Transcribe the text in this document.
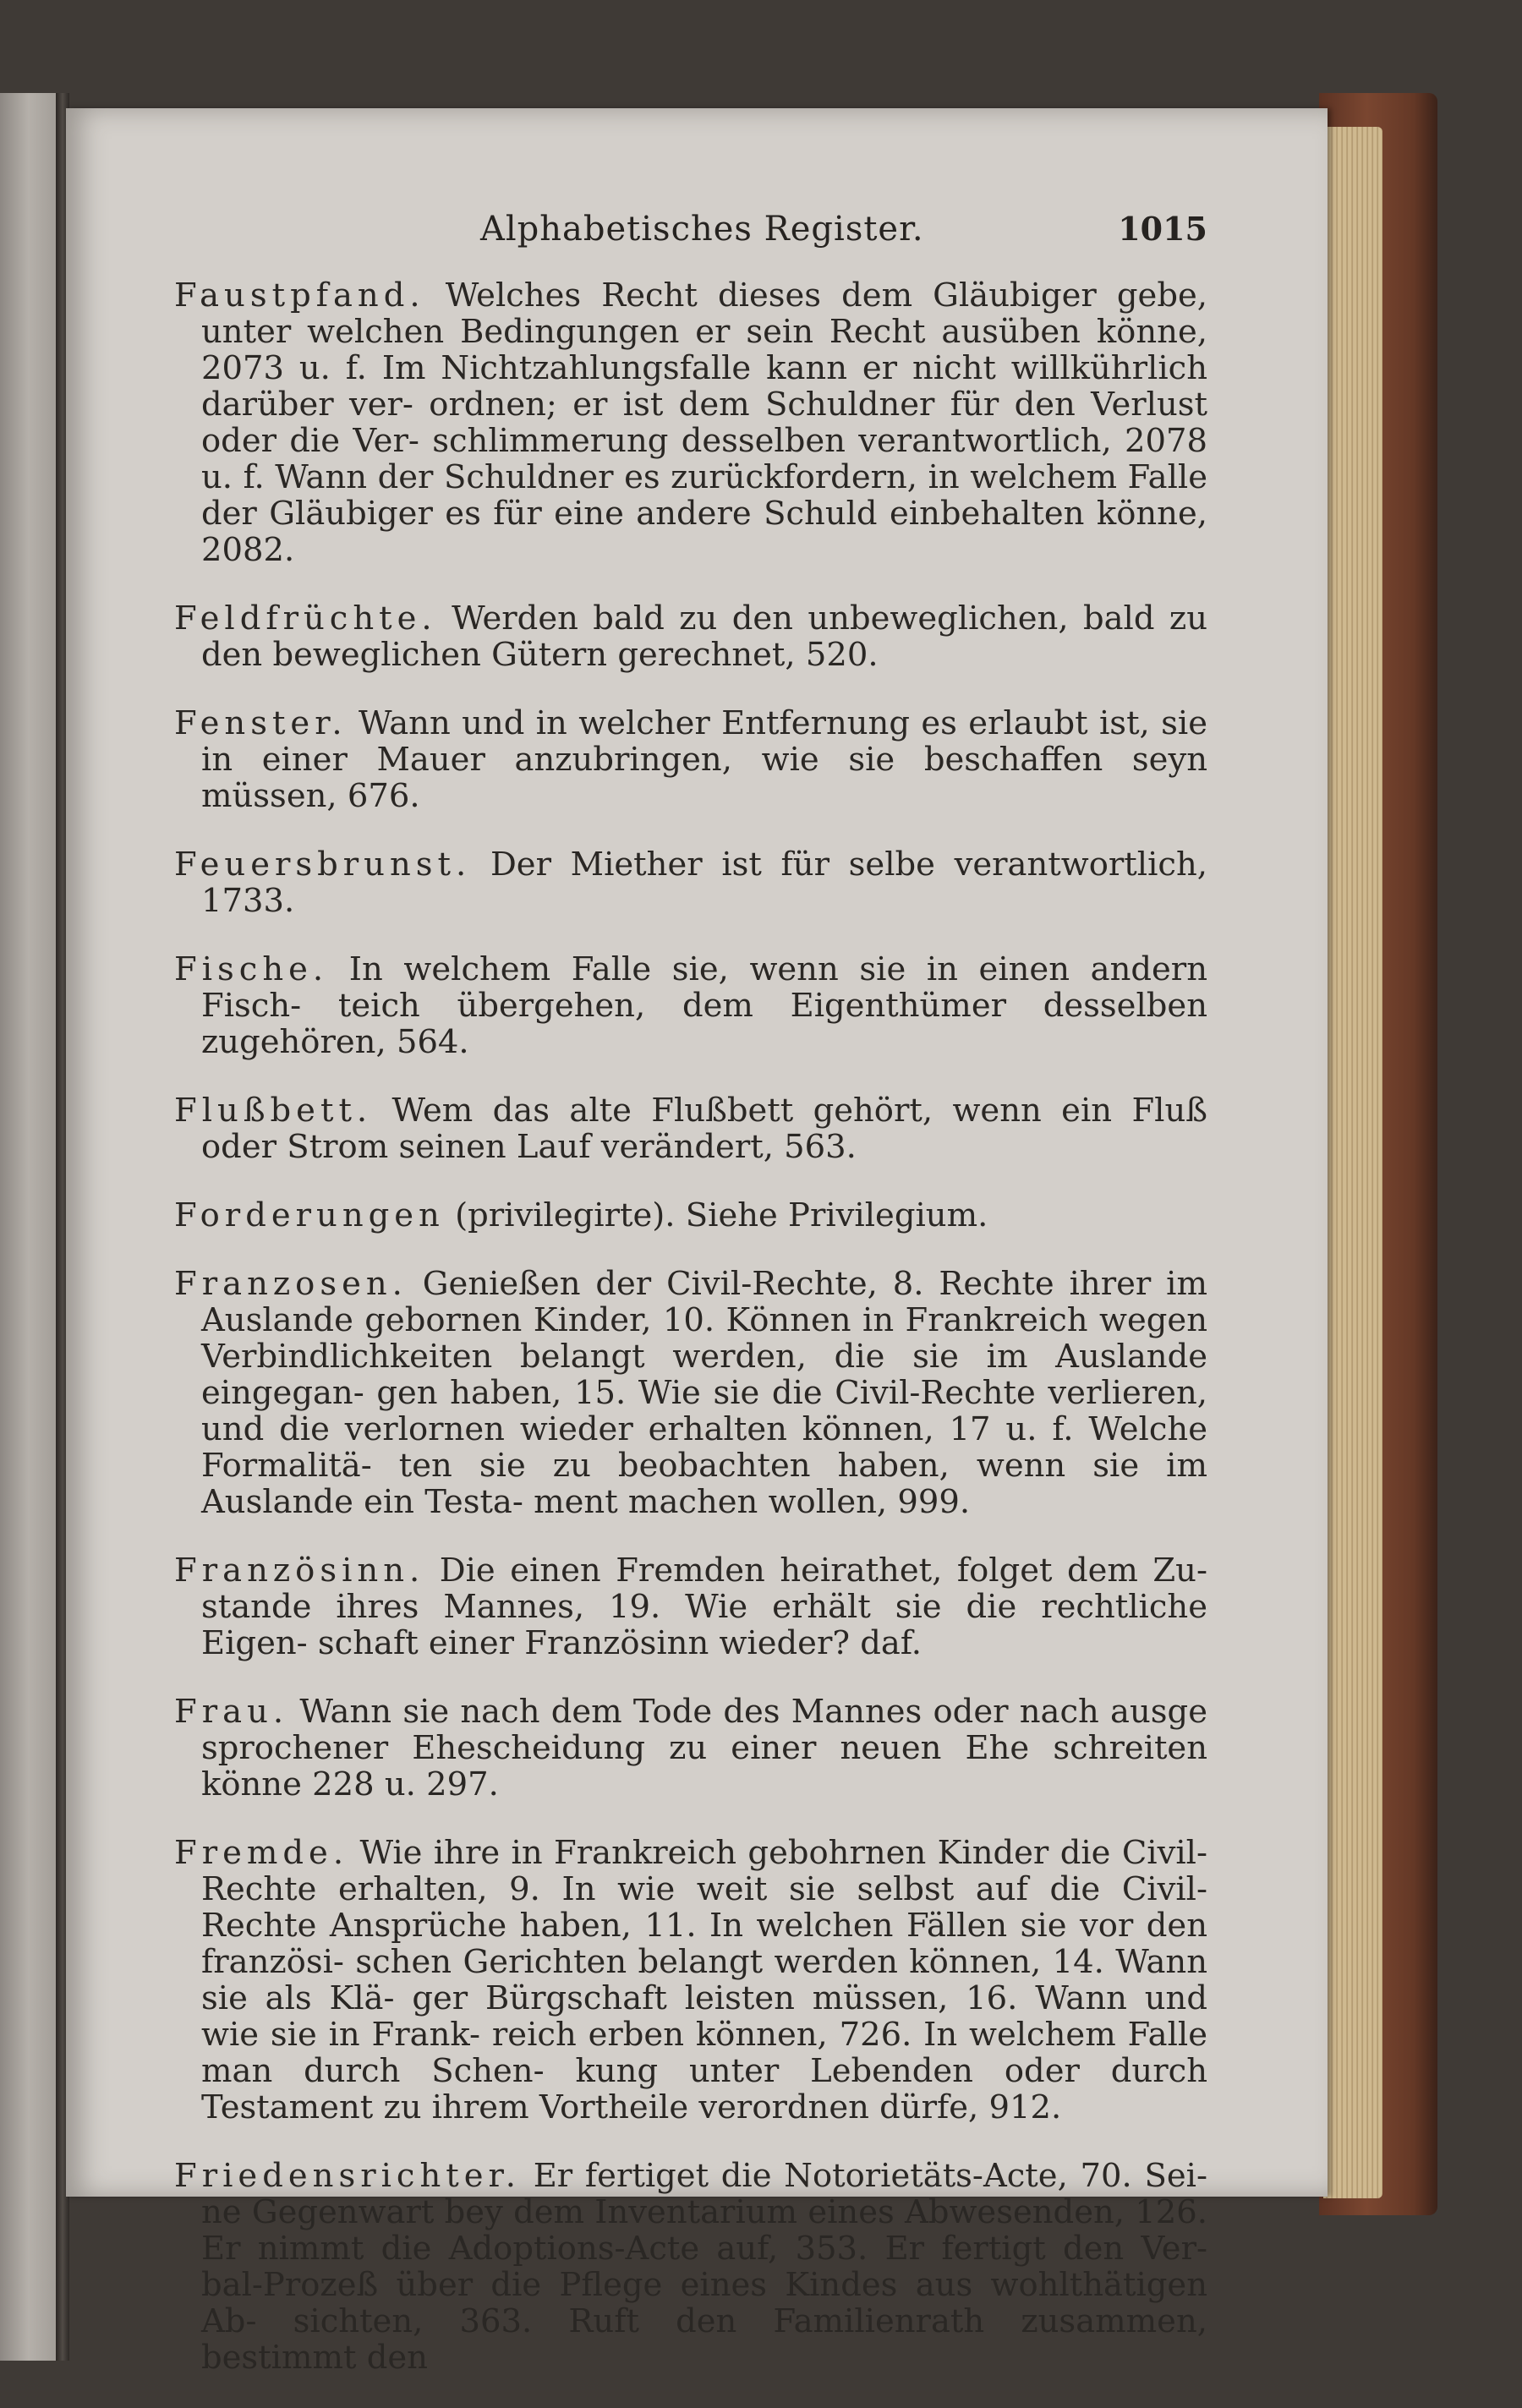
Alphabetisches Register.	1015
Faustpfand. Welches Recht dieses dem Gläubiger gebe, unter welchen Bedingungen er sein Recht ausüben könne, 2073 u. f. Im Nichtzahlungsfalle kann er nicht willkührlich darüber ver- ordnen; er ist dem Schuldner für den Verlust oder die Ver- schlimmerung desselben verantwortlich, 2078 u. f. Wann der Schuldner es zurückfordern, in welchem Falle der Gläubiger es für eine andere Schuld einbehalten könne, 2082.
Feldfrüchte. Werden bald zu den unbeweglichen, bald zu den beweglichen Gütern gerechnet, 520.
Fenster. Wann und in welcher Entfernung es erlaubt ist, sie in einer Mauer anzubringen, wie sie beschaffen seyn müssen, 676.
Feuersbrunst. Der Miether ist für selbe verantwortlich, 1733.
Fische. In welchem Falle sie, wenn sie in einen andern Fisch- teich übergehen, dem Eigenthümer desselben zugehören, 564.
Flußbett. Wem das alte Flußbett gehört, wenn ein Fluß oder Strom seinen Lauf verändert, 563.
Forderungen (privilegirte). Siehe Privilegium.
Franzosen. Genießen der Civil-Rechte, 8. Rechte ihrer im Auslande gebornen Kinder, 10. Können in Frankreich wegen Verbindlichkeiten belangt werden, die sie im Auslande eingegan- gen haben, 15. Wie sie die Civil-Rechte verlieren, und die verlornen wieder erhalten können, 17 u. f. Welche Formalitä- ten sie zu beobachten haben, wenn sie im Auslande ein Testa- ment machen wollen, 999.
Französinn. Die einen Fremden heirathet, folget dem Zu- stande ihres Mannes, 19. Wie erhält sie die rechtliche Eigen- schaft einer Französinn wieder? daf.
Frau. Wann sie nach dem Tode des Mannes oder nach ausge sprochener Ehescheidung zu einer neuen Ehe schreiten könne 228 u. 297.
Fremde. Wie ihre in Frankreich gebohrnen Kinder die Civil- Rechte erhalten, 9. In wie weit sie selbst auf die Civil-Rechte Ansprüche haben, 11. In welchen Fällen sie vor den französi- schen Gerichten belangt werden können, 14. Wann sie als Klä- ger Bürgschaft leisten müssen, 16. Wann und wie sie in Frank- reich erben können, 726. In welchem Falle man durch Schen- kung unter Lebenden oder durch Testament zu ihrem Vortheile verordnen dürfe, 912.
Friedensrichter. Er fertiget die Notorietäts-Acte, 70. Sei- ne Gegenwart bey dem Inventarium eines Abwesenden, 126. Er nimmt die Adoptions-Acte auf, 353. Er fertigt den Ver- bal-Prozeß über die Pflege eines Kindes aus wohlthätigen Ab- sichten, 363. Ruft den Familienrath zusammen, bestimmt den
